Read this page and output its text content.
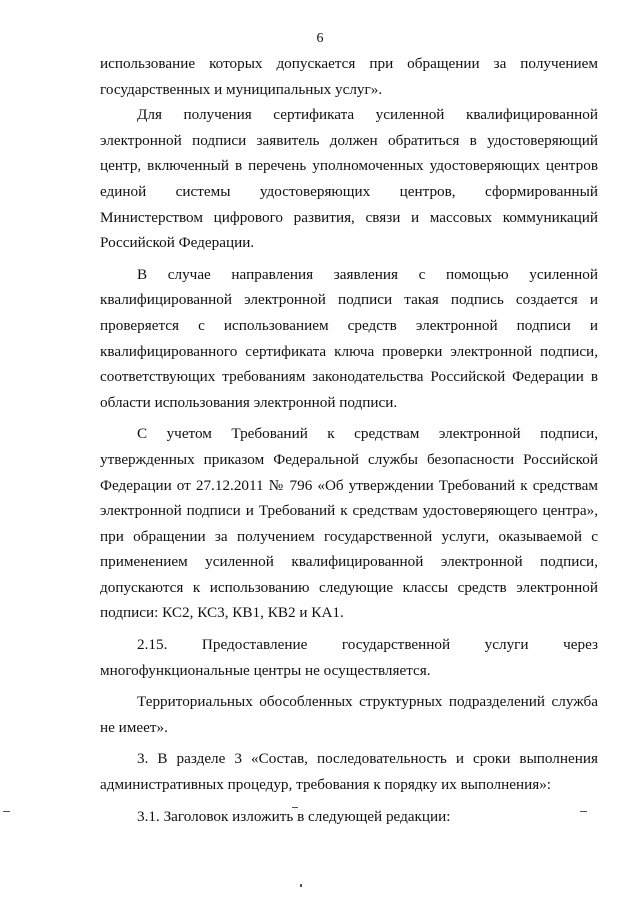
6

использование которых допускается при обращении за получением государственных и муниципальных услуг».

Для получения сертификата усиленной квалифицированной электронной подписи заявитель должен обратиться в удостоверяющий центр, включенный в перечень уполномоченных удостоверяющих центров единой системы удостоверяющих центров, сформированный Министерством цифрового развития, связи и массовых коммуникаций Российской Федерации.

В случае направления заявления с помощью усиленной квалифицированной электронной подписи такая подпись создается и проверяется с использованием средств электронной подписи и квалифицированного сертификата ключа проверки электронной подписи, соответствующих требованиям законодательства Российской Федерации в области использования электронной подписи.

С учетом Требований к средствам электронной подписи, утвержденных приказом Федеральной службы безопасности Российской Федерации от 27.12.2011 № 796 «Об утверждении Требований к средствам электронной подписи и Требований к средствам удостоверяющего центра», при обращении за получением государственной услуги, оказываемой с применением усиленной квалифицированной электронной подписи, допускаются к использованию следующие классы средств электронной подписи: КС2, КС3, КВ1, КВ2 и КА1.

2.15. Предоставление государственной услуги через многофункциональные центры не осуществляется.

Территориальных обособленных структурных подразделений служба не имеет».

3. В разделе 3 «Состав, последовательность и сроки выполнения административных процедур, требования к порядку их выполнения»:

3.1. Заголовок изложить в следующей редакции:
